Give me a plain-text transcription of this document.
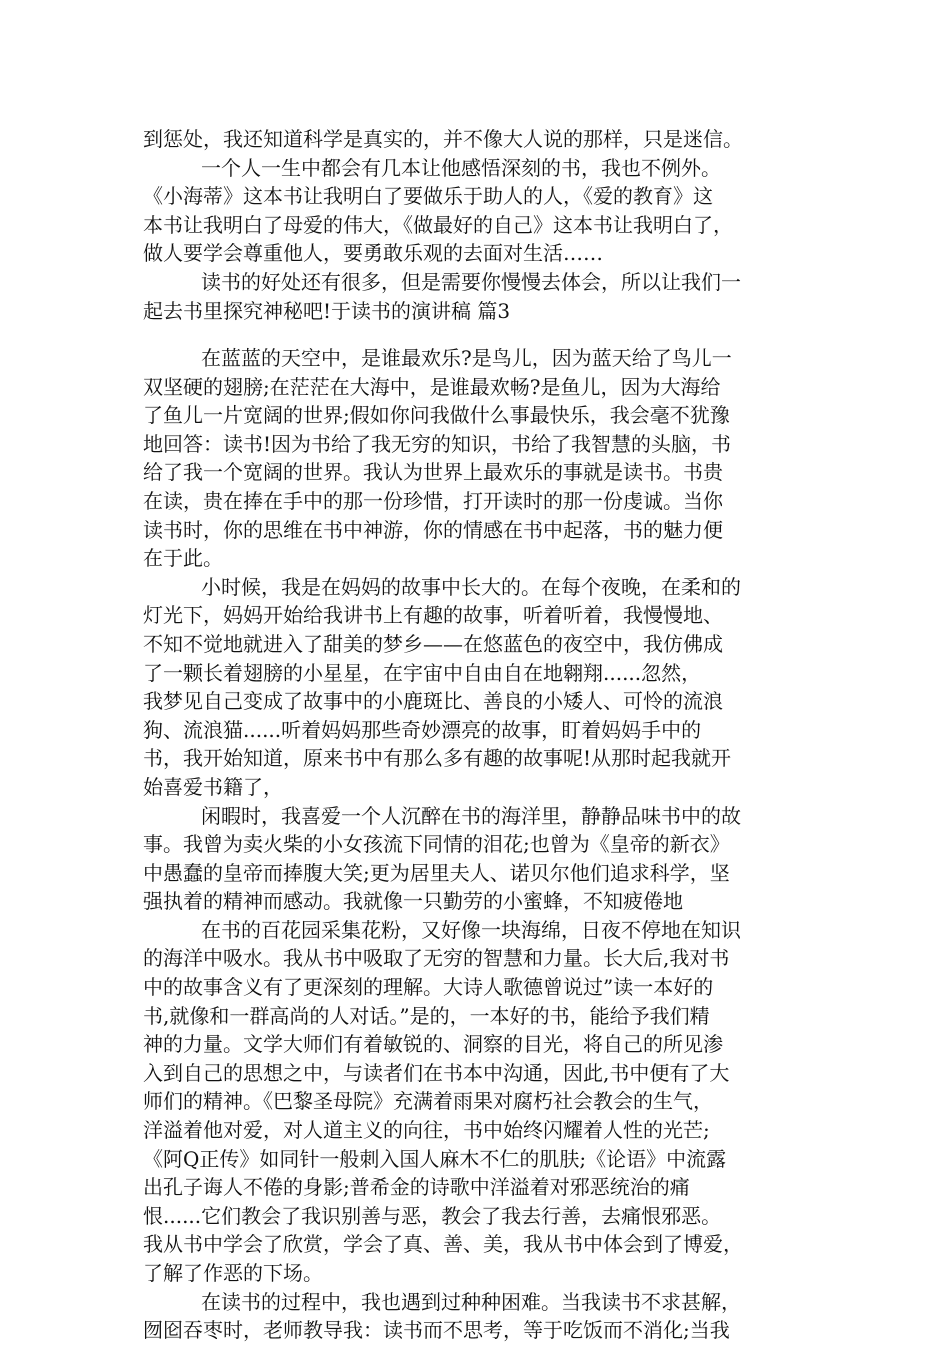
到惩处，我还知道科学是真实的，并不像大人说的那样，只是迷信。
一个人一生中都会有几本让他感悟深刻的书，我也不例外。
《小海蒂》这本书让我明白了要做乐于助人的人，《爱的教育》这
本书让我明白了母爱的伟大，《做最好的自己》这本书让我明白了，
做人要学会尊重他人，要勇敢乐观的去面对生活……
读书的好处还有很多，但是需要你慢慢去体会，所以让我们一
起去书里探究神秘吧!于读书的演讲稿 篇3
在蓝蓝的天空中，是谁最欢乐?是鸟儿，因为蓝天给了鸟儿一
双坚硬的翅膀;在茫茫在大海中，是谁最欢畅?是鱼儿，因为大海给
了鱼儿一片宽阔的世界;假如你问我做什么事最快乐，我会毫不犹豫
地回答：读书!因为书给了我无穷的知识，书给了我智慧的头脑，书
给了我一个宽阔的世界。我认为世界上最欢乐的事就是读书。书贵
在读，贵在捧在手中的那一份珍惜，打开读时的那一份虔诚。当你
读书时，你的思维在书中神游，你的情感在书中起落，书的魅力便
在于此。
小时候，我是在妈妈的故事中长大的。在每个夜晚，在柔和的
灯光下，妈妈开始给我讲书上有趣的故事，听着听着，我慢慢地、
不知不觉地就进入了甜美的梦乡——在悠蓝色的夜空中，我仿佛成
了一颗长着翅膀的小星星，在宇宙中自由自在地翱翔......忽然，
我梦见自己变成了故事中的小鹿斑比、善良的小矮人、可怜的流浪
狗、流浪猫......听着妈妈那些奇妙漂亮的故事，盯着妈妈手中的
书，我开始知道，原来书中有那么多有趣的故事呢!从那时起我就开
始喜爱书籍了，
闲暇时，我喜爱一个人沉醉在书的海洋里，静静品味书中的故
事。我曾为卖火柴的小女孩流下同情的泪花;也曾为《皇帝的新衣》
中愚蠢的皇帝而捧腹大笑;更为居里夫人、诺贝尔他们追求科学，坚
强执着的精神而感动。我就像一只勤劳的小蜜蜂，不知疲倦地
在书的百花园采集花粉，又好像一块海绵，日夜不停地在知识
的海洋中吸水。我从书中吸取了无穷的智慧和力量。长大后,我对书
中的故事含义有了更深刻的理解。大诗人歌德曾说过”读一本好的
书,就像和一群高尚的人对话。”是的，一本好的书，能给予我们精
神的力量。文学大师们有着敏锐的、洞察的目光，将自己的所见渗
入到自己的思想之中，与读者们在书本中沟通，因此,书中便有了大
师们的精神。《巴黎圣母院》充满着雨果对腐朽社会教会的生气，
洋溢着他对爱，对人道主义的向往，书中始终闪耀着人性的光芒;
《阿Q正传》如同针一般刺入国人麻木不仁的肌肤;《论语》中流露
出孔子诲人不倦的身影;普希金的诗歌中洋溢着对邪恶统治的痛
恨......它们教会了我识别善与恶，教会了我去行善，去痛恨邪恶。
我从书中学会了欣赏，学会了真、善、美，我从书中体会到了博爱，
了解了作恶的下场。
在读书的过程中，我也遇到过种种困难。当我读书不求甚解，
囫囵吞枣时，老师教导我：读书而不思考，等于吃饭而不消化;当我
